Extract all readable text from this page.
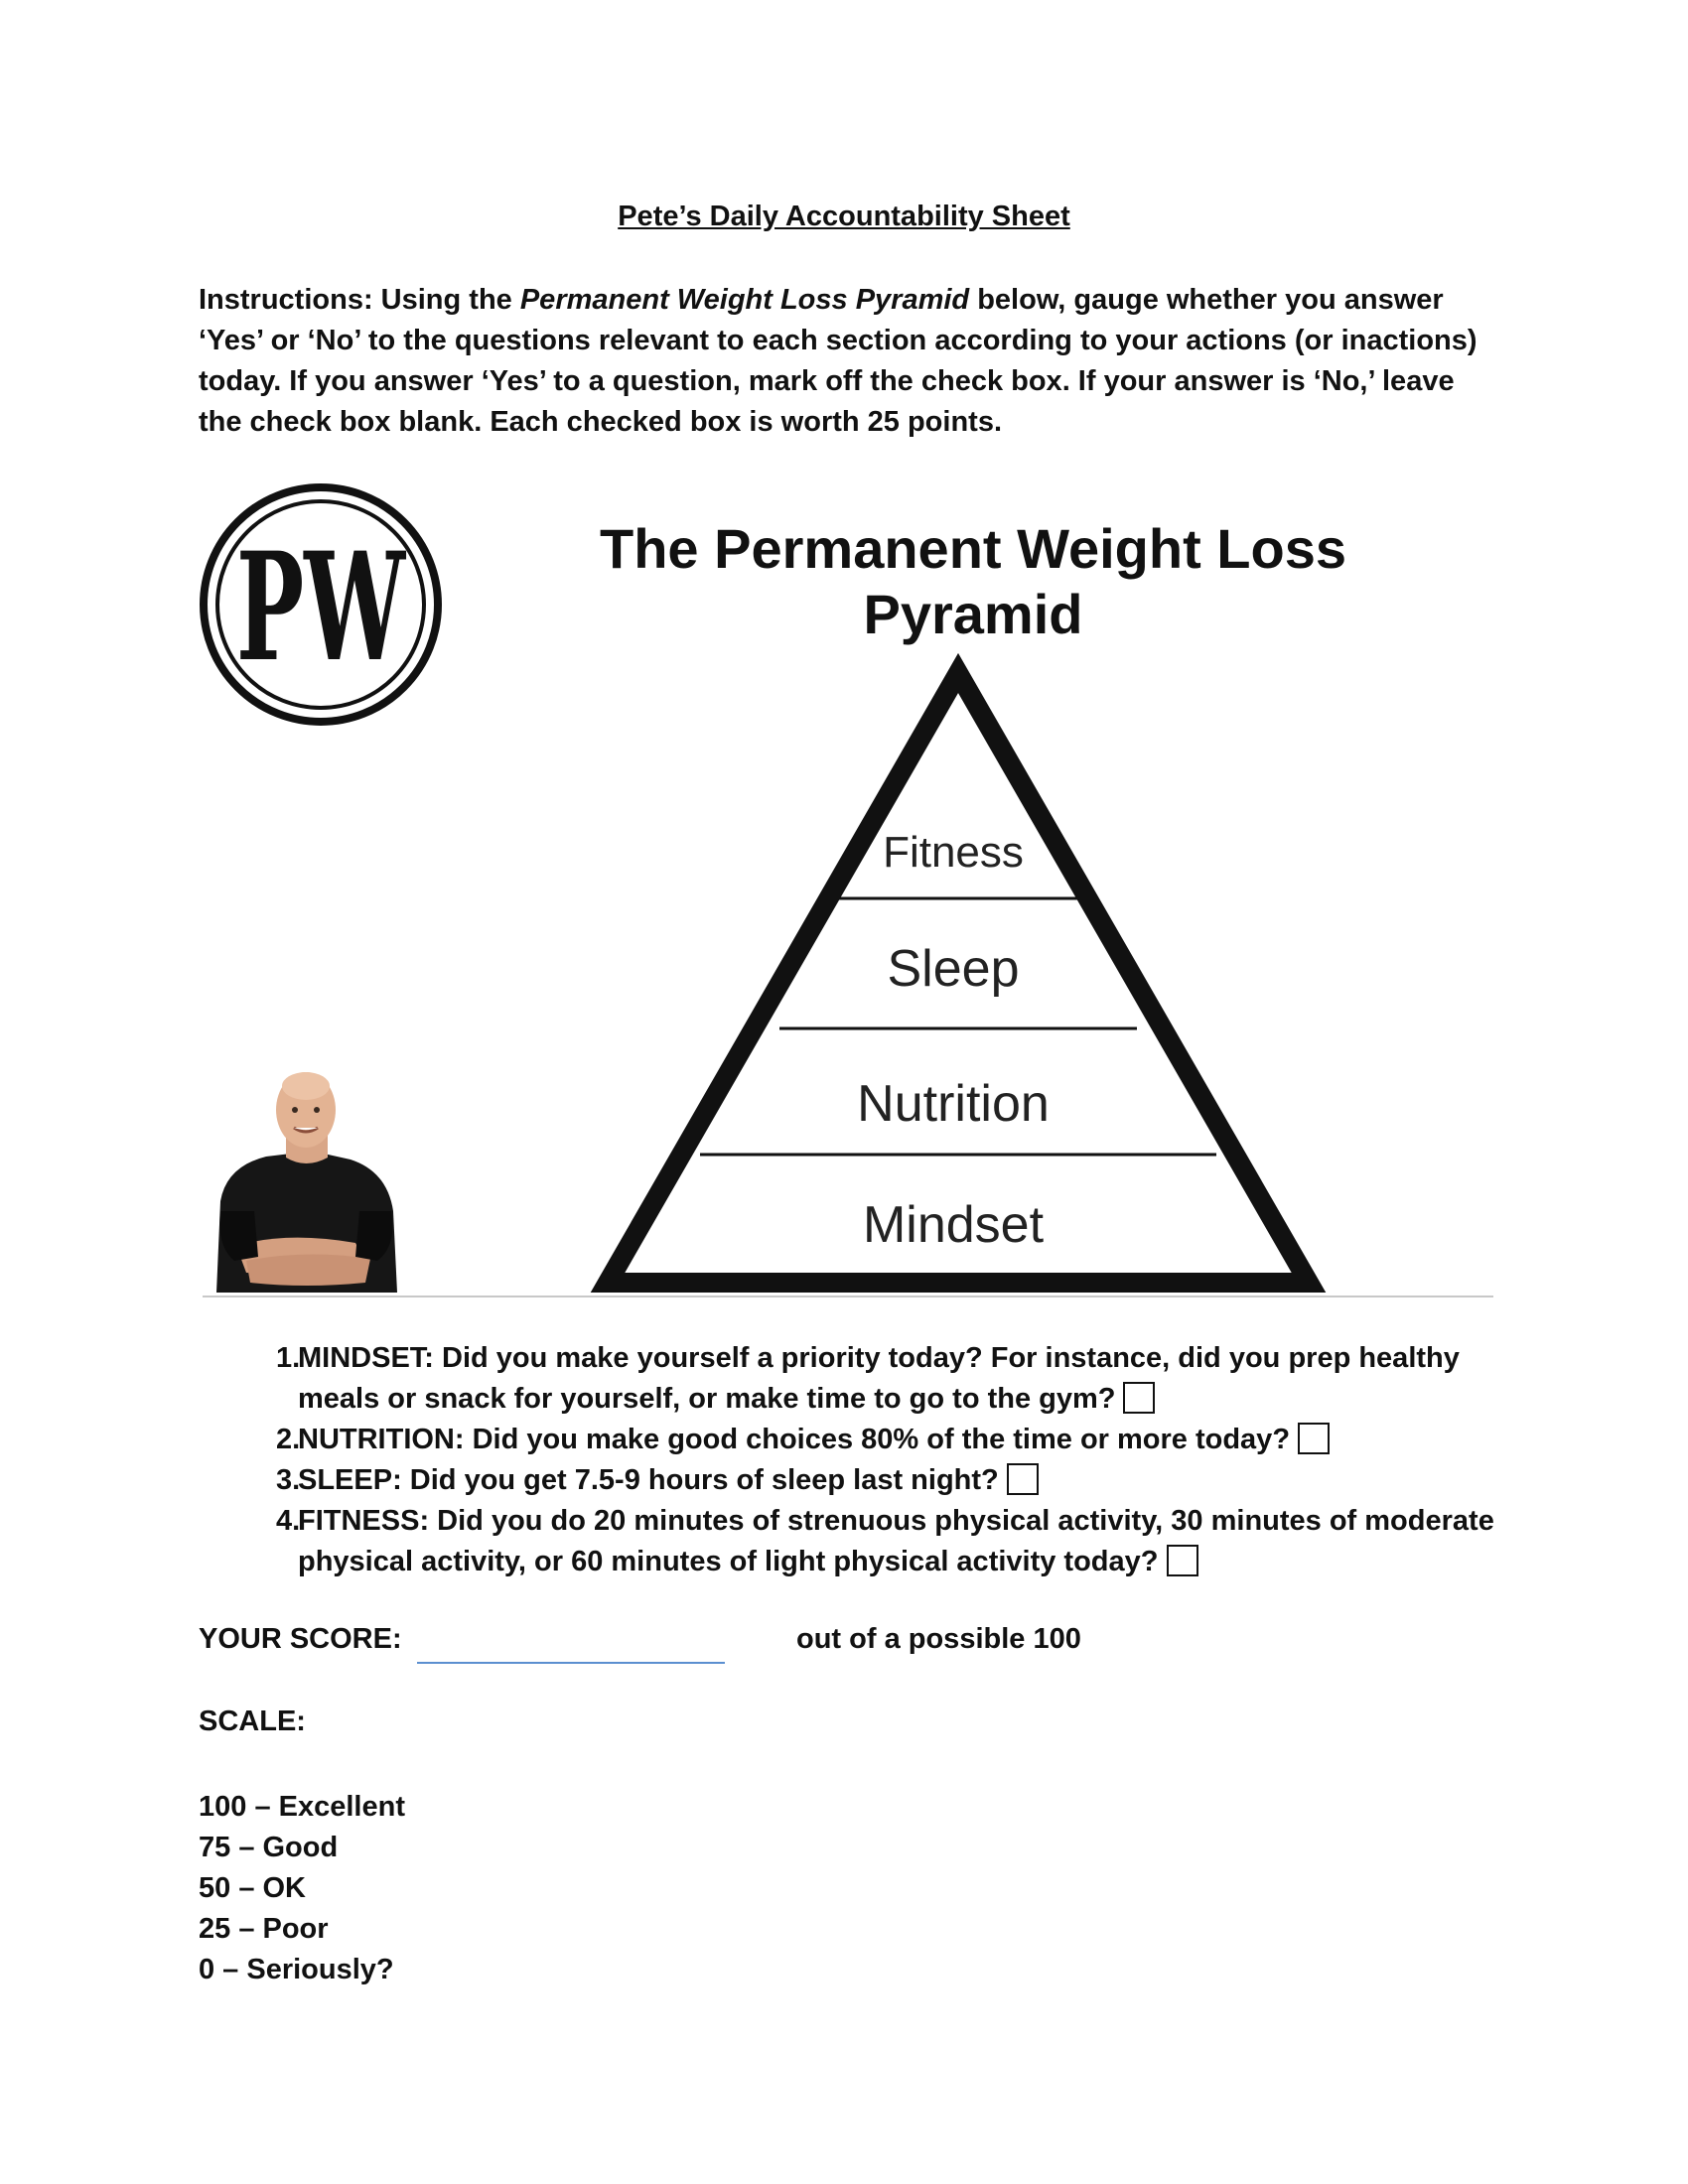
Pete’s Daily Accountability Sheet
Instructions: Using the Permanent Weight Loss Pyramid below, gauge whether you answer ‘Yes’ or ‘No’ to the questions relevant to each section according to your actions (or inactions) today. If you answer ‘Yes’ to a question, mark off the check box. If your answer is ‘No,’ leave the check box blank. Each checked box is worth 25 points.
PW	The Permanent Weight Loss
Pyramid
Fitness
Sleep
Nutrition
Mindset
1.
MINDSET: Did you make yourself a priority today? For instance, did you prep healthy meals or snack for yourself, or make time to go to the gym?
2.
NUTRITION: Did you make good choices 80% of the time or more today?
3.
SLEEP: Did you get 7.5-9 hours of sleep last night?
4.
FITNESS: Did you do 20 minutes of strenuous physical activity, 30 minutes of moderate physical activity, or 60 minutes of light physical activity today?
YOUR SCORE:	out of a possible 100
SCALE:
100 – Excellent
75 – Good
50 – OK
25 – Poor
0 – Seriously?
